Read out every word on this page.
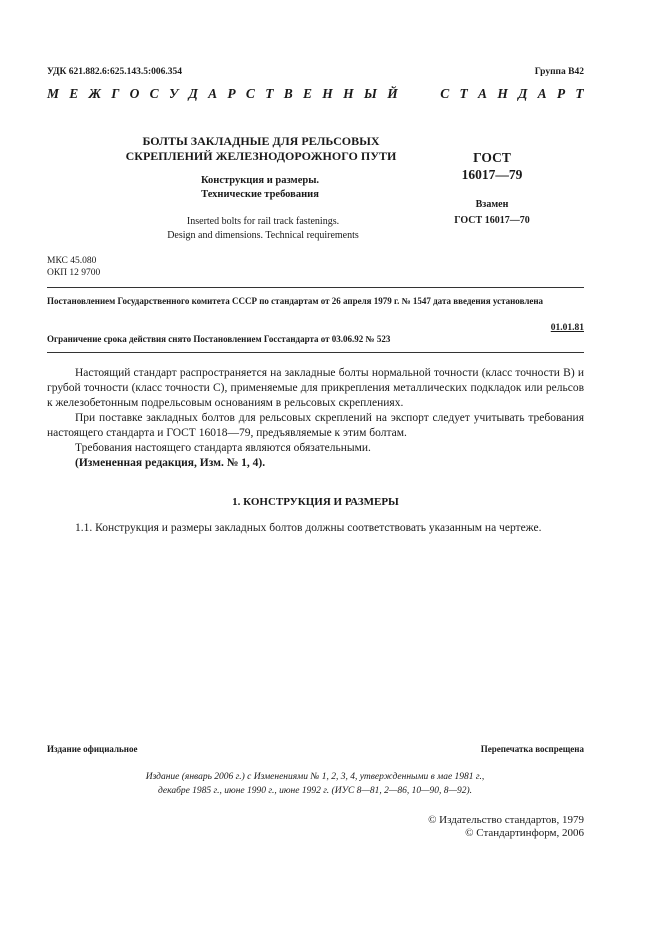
УДК 621.882.6:625.143.5:006.354	Группа В42
М Е Ж Г О С У Д А Р С Т В Е Н Н Ы Й	С Т А Н Д А Р Т
БОЛТЫ ЗАКЛАДНЫЕ ДЛЯ РЕЛЬСОВЫХ
СКРЕПЛЕНИЙ ЖЕЛЕЗНОДОРОЖНОГО ПУТИ
Конструкция и размеры.
Технические требования
Inserted bolts for rail track fastenings.
Design and dimensions. Technical requirements
ГОСТ
16017—79
Взамен
ГОСТ 16017—70
МКС 45.080
ОКП 12 9700
Постановлением Государственного комитета СССР по стандартам от 26 апреля 1979 г. № 1547 дата введения установлена
01.01.81
Ограничение срока действия снято Постановлением Госстандарта от 03.06.92 № 523

Настоящий стандарт распространяется на закладные болты нормальной точности (класс точности В) и грубой точности (класс точности С), применяемые для прикрепления металлических подкладок или рельсов к железобетонным подрельсовым основаниям в рельсовых скреплениях.

При поставке закладных болтов для рельсовых скреплений на экспорт следует учитывать требования настоящего стандарта и ГОСТ 16018—79, предъявляемые к этим болтам.

Требования настоящего стандарта являются обязательными.

(Измененная редакция, Изм. № 1, 4).

1. КОНСТРУКЦИЯ И РАЗМЕРЫ

1.1. Конструкция и размеры закладных болтов должны соответствовать указанным на чертеже.

Издание официальное	Перепечатка воспрещена
Издание (январь 2006 г.) с Изменениями № 1, 2, 3, 4, утвержденными в мае 1981 г.,
декабре 1985 г., июне 1990 г., июне 1992 г. (ИУС 8—81, 2—86, 10—90, 8—92).
© Издательство стандартов, 1979
© Стандартинформ, 2006
